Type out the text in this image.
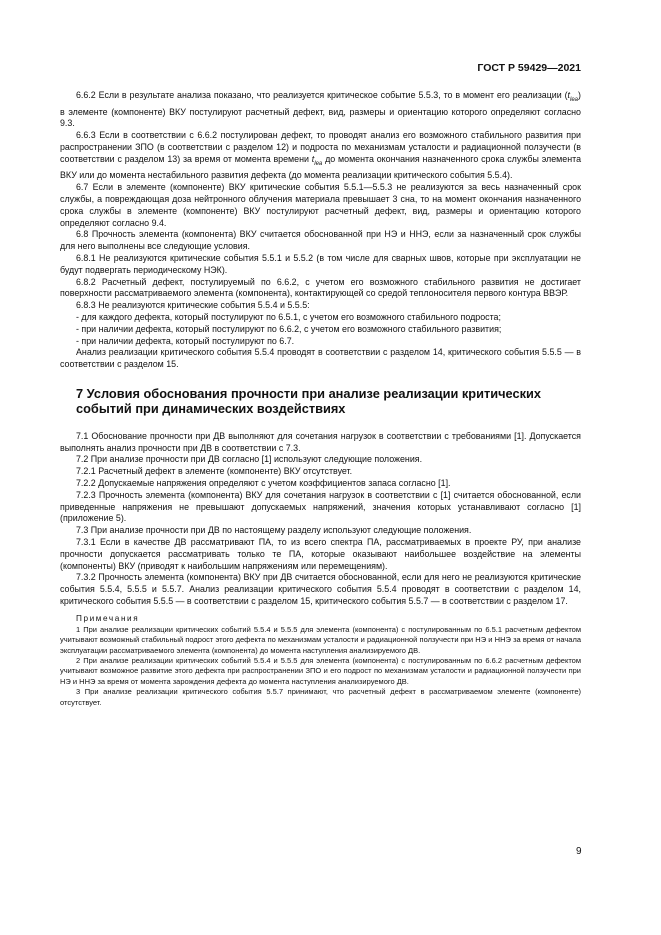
ГОСТ Р 59429—2021

6.6.2 Если в результате анализа показано, что реализуется критическое событие 5.5.3, то в момент его реализации $(t_{lea})$ в элементе (компоненте) ВКУ постулируют расчетный дефект, вид, размеры и ориентацию которого определяют согласно 9.3.

6.6.3 Если в соответствии с 6.6.2 постулирован дефект, то проводят анализ его возможного стабильного развития при распространении ЗПО (в соответствии с разделом 12) и подроста по механизмам усталости и радиационной ползучести (в соответствии с разделом 13) за время от момента времени $t_{lea}$ до момента окончания назначенного срока службы элемента ВКУ или до момента нестабильного развития дефекта (до момента реализации критического события 5.5.4).

6.7 Если в элементе (компоненте) ВКУ критические события 5.5.1—5.5.3 не реализуются за весь назначенный срок службы, а повреждающая доза нейтронного облучения материала превышает 3 сна, то на момент окончания назначенного срока службы в элементе (компоненте) ВКУ постулируют расчетный дефект, вид, размеры и ориентацию которого определяют согласно 9.4.

6.8 Прочность элемента (компонента) ВКУ считается обоснованной при НЭ и ННЭ, если за назначенный срок службы для него выполнены все следующие условия.

6.8.1 Не реализуются критические события 5.5.1 и 5.5.2 (в том числе для сварных швов, которые при эксплуатации не будут подвергать периодическому НЭК).

6.8.2 Расчетный дефект, постулируемый по 6.6.2, с учетом его возможного стабильного развития не достигает поверхности рассматриваемого элемента (компонента), контактирующей со средой теплоносителя первого контура ВВЭР.

6.8.3 Не реализуются критические события 5.5.4 и 5.5.5:

- для каждого дефекта, который постулируют по 6.5.1, с учетом его возможного стабильного подроста;

- при наличии дефекта, который постулируют по 6.6.2, с учетом его возможного стабильного развития;

- при наличии дефекта, который постулируют по 6.7.

Анализ реализации критического события 5.5.4 проводят в соответствии с разделом 14, критического события 5.5.5 — в соответствии с разделом 15.

7 Условия обоснования прочности при анализе реализации критических событий при динамических воздействиях

7.1 Обоснование прочности при ДВ выполняют для сочетания нагрузок в соответствии с требованиями [1]. Допускается выполнять анализ прочности при ДВ в соответствии с 7.3.

7.2 При анализе прочности при ДВ согласно [1] используют следующие положения.

7.2.1 Расчетный дефект в элементе (компоненте) ВКУ отсутствует.

7.2.2 Допускаемые напряжения определяют с учетом коэффициентов запаса согласно [1].

7.2.3 Прочность элемента (компонента) ВКУ для сочетания нагрузок в соответствии с [1] считается обоснованной, если приведенные напряжения не превышают допускаемых напряжений, значения которых устанавливают согласно [1] (приложение 5).

7.3 При анализе прочности при ДВ по настоящему разделу используют следующие положения.

7.3.1 Если в качестве ДВ рассматривают ПА, то из всего спектра ПА, рассматриваемых в проекте РУ, при анализе прочности допускается рассматривать только те ПА, которые оказывают наибольшее воздействие на элементы (компоненты) ВКУ (приводят к наибольшим напряжениям или перемещениям).

7.3.2 Прочность элемента (компонента) ВКУ при ДВ считается обоснованной, если для него не реализуются критические события 5.5.4, 5.5.5 и 5.5.7. Анализ реализации критического события 5.5.4 проводят в соответствии с разделом 14, критического события 5.5.5 — в соответствии с разделом 15, критического события 5.5.7 — в соответствии с разделом 17.

Примечания

1 При анализе реализации критических событий 5.5.4 и 5.5.5 для элемента (компонента) с постулированным по 6.5.1 расчетным дефектом учитывают возможный стабильный подрост этого дефекта по механизмам усталости и радиационной ползучести при НЭ и ННЭ за время от начала эксплуатации рассматриваемого элемента (компонента) до момента наступления анализируемого ДВ.

2 При анализе реализации критических событий 5.5.4 и 5.5.5 для элемента (компонента) с постулированным по 6.6.2 расчетным дефектом учитывают возможное развитие этого дефекта при распространении ЗПО и его подрост по механизмам усталости и радиационной ползучести при НЭ и ННЭ за время от момента зарождения дефекта до момента наступления анализируемого ДВ.

3 При анализе реализации критического события 5.5.7 принимают, что расчетный дефект в рассматриваемом элементе (компоненте) отсутствует.

9
